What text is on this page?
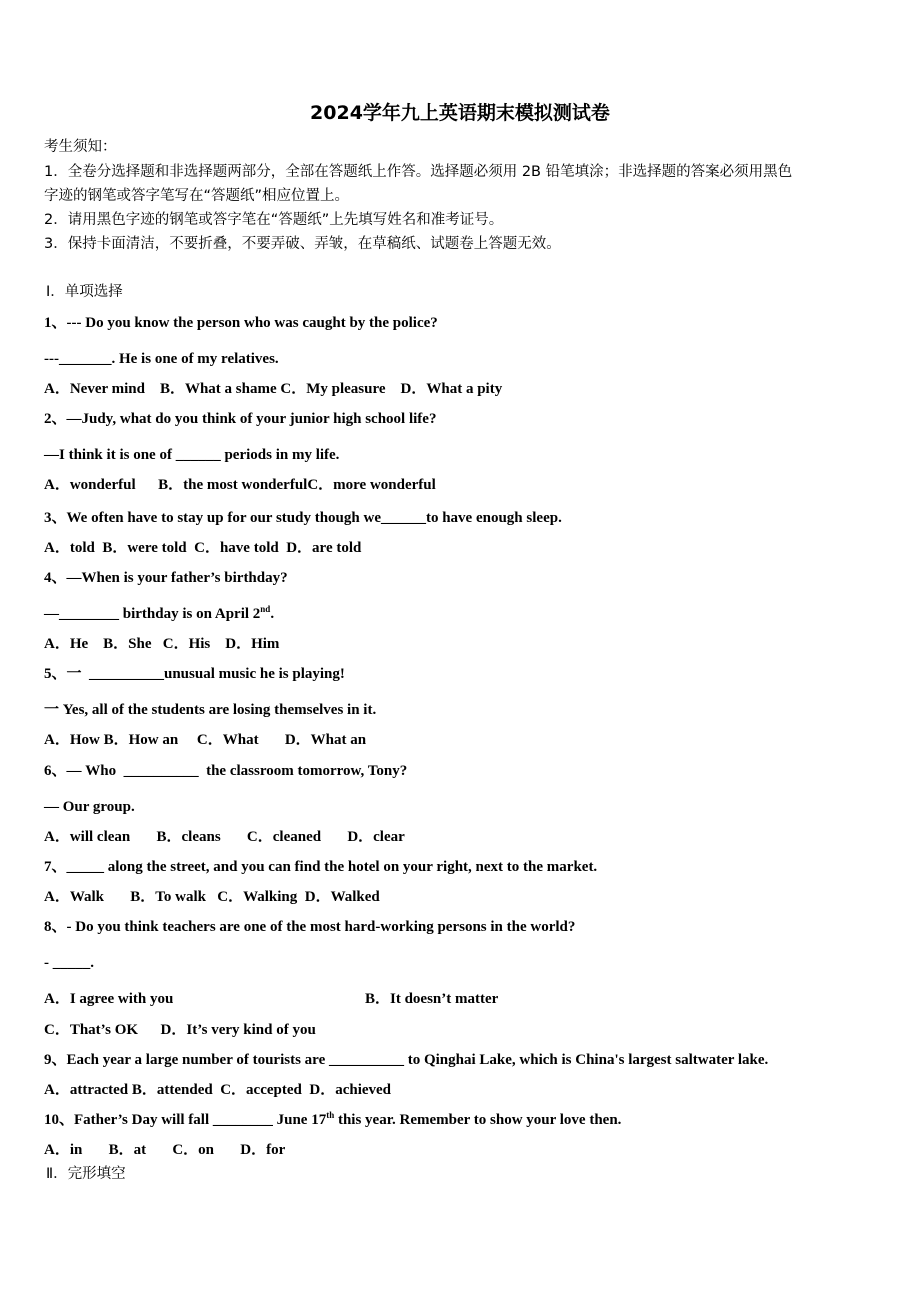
2024学年九上英语期末模拟测试卷
考生须知：
1．全卷分选择题和非选择题两部分，全部在答题纸上作答。选择题必须用 2B 铅笔填涂；非选择题的答案必须用黑色
字迹的钢笔或答字笔写在“答题纸”相应位置上。
2．请用黑色字迹的钢笔或答字笔在“答题纸”上先填写姓名和准考证号。
3．保持卡面清洁，不要折叠，不要弄破、弄皱，在草稿纸、试题卷上答题无效。
Ⅰ．单项选择
1、--- Do you know the person who was caught by the police?
---_______. He is one of my relatives.
A．Never mind    B．What a shame C．My pleasure    D．What a pity
2、—Judy, what do you think of your junior high school life?
—I think it is one of ______ periods in my life.
A．wonderful      B．the most wonderfulC．more wonderful
3、We often have to stay up for our study though we______to have enough sleep.
A．told  B．were told  C．have told  D．are told
4、—When is your father’s birthday?
—________ birthday is on April 2nd.
A．He    B．She   C．His    D．Him
5、一  __________unusual music he is playing!
一 Yes, all of the students are losing themselves in it.
A．How B．How an     C．What       D．What an
6、— Who  __________  the classroom tomorrow, Tony?
— Our group.
A．will clean       B．cleans       C．cleaned       D．clear
7、_____ along the street, and you can find the hotel on your right, next to the market.
A．Walk       B．To walk   C．Walking  D．Walked
8、- Do you think teachers are one of the most hard-working persons in the world?
- _____.
A．I agree with you	B．It doesn’t matter
C．That’s OK      D．It’s very kind of you
9、Each year a large number of tourists are __________ to Qinghai Lake, which is China's largest saltwater lake.
A．attracted B．attended  C．accepted  D．achieved
10、Father’s Day will fall ________ June 17th this year. Remember to show your love then.
A．in       B．at       C．on       D．for
Ⅱ．完形填空
